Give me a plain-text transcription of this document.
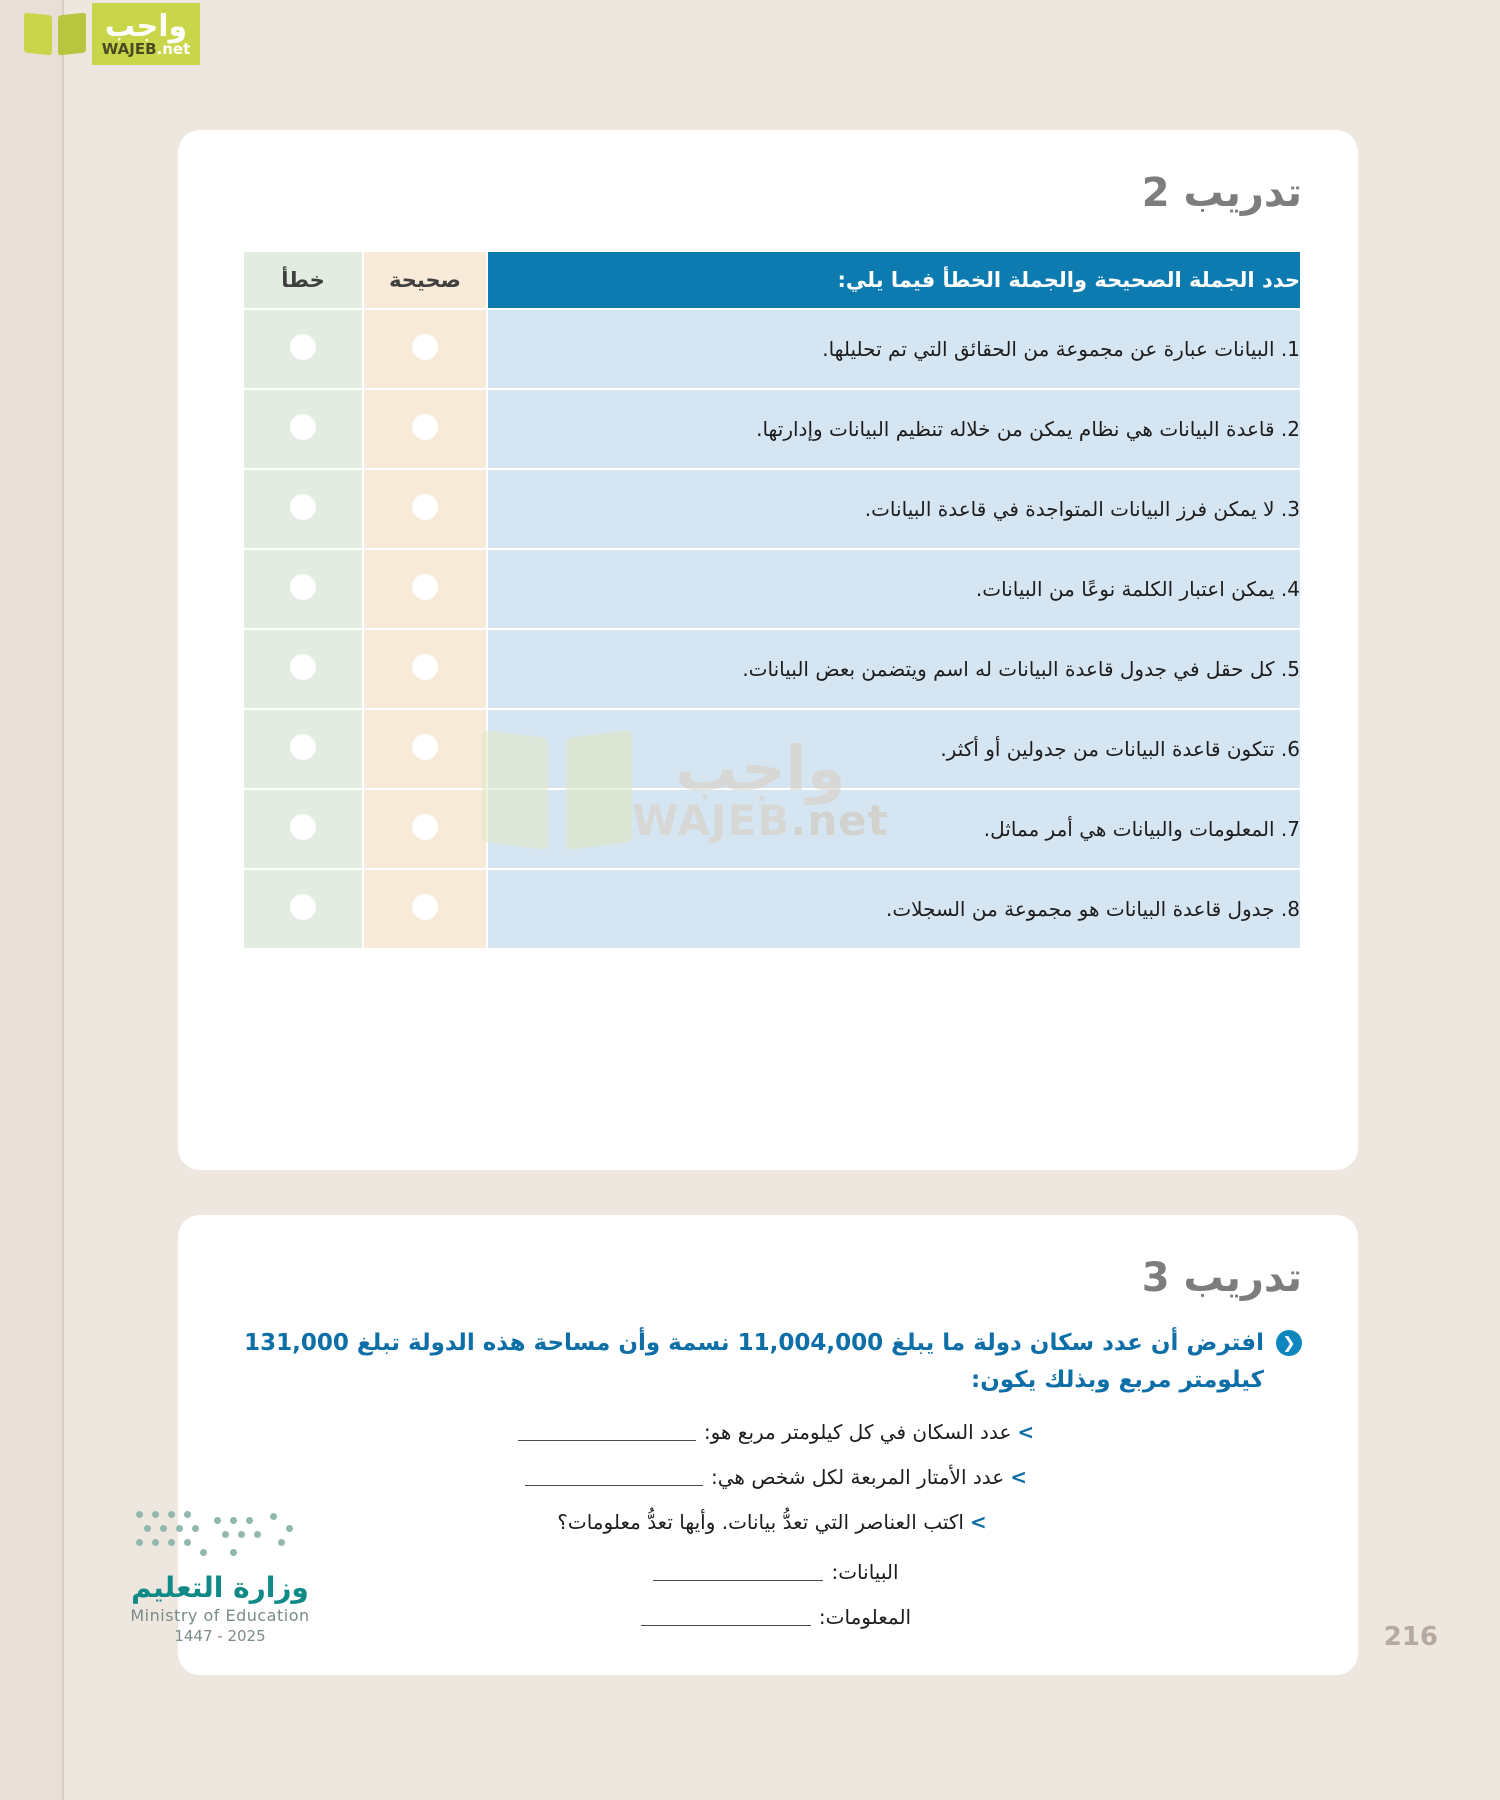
واجب
WAJEB.net
تدريب 2
حدد الجملة الصحيحة والجملة الخطأ فيما يلي:	صحيحة	خطأ
1. البيانات عبارة عن مجموعة من الحقائق التي تم تحليلها.		
2. قاعدة البيانات هي نظام يمكن من خلاله تنظيم البيانات وإدارتها.		
3. لا يمكن فرز البيانات المتواجدة في قاعدة البيانات.		
4. يمكن اعتبار الكلمة نوعًا من البيانات.		
5. كل حقل في جدول قاعدة البيانات له اسم ويتضمن بعض البيانات.		
6. تتكون قاعدة البيانات من جدولين أو أكثر.		
7. المعلومات والبيانات هي أمر مماثل.		
8. جدول قاعدة البيانات هو مجموعة من السجلات.		
واجب
WAJEB.net
تدريب 3
❮
افترض أن عدد سكان دولة ما يبلغ 11,004,000 نسمة وأن مساحة هذه الدولة تبلغ 131,000 كيلومتر مربع وبذلك يكون:
>عدد السكان في كل كيلومتر مربع هو:
>عدد الأمتار المربعة لكل شخص هي:
>اكتب العناصر التي تعدُّ بيانات. وأيها تعدُّ معلومات؟
البيانات:
المعلومات:
وزارة التعليم
Ministry of Education
2025 - 1447	216
